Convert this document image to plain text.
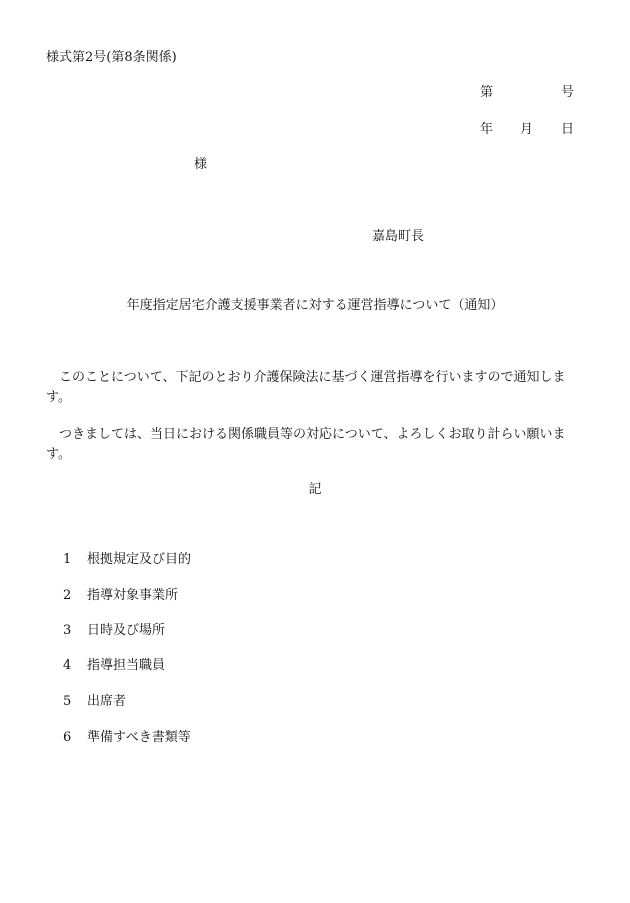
様式第2号(第8条関係)
第	号
年 月 日
様
嘉島町長
年度指定居宅介護支援事業者に対する運営指導について（通知）
このことについて、下記のとおり介護保険法に基づく運営指導を行いますので通知します。
つきましては、当日における関係職員等の対応について、よろしくお取り計らい願います。
記
1 根拠規定及び目的
2 指導対象事業所
3 日時及び場所
4 指導担当職員
5 出席者
6 準備すべき書類等
